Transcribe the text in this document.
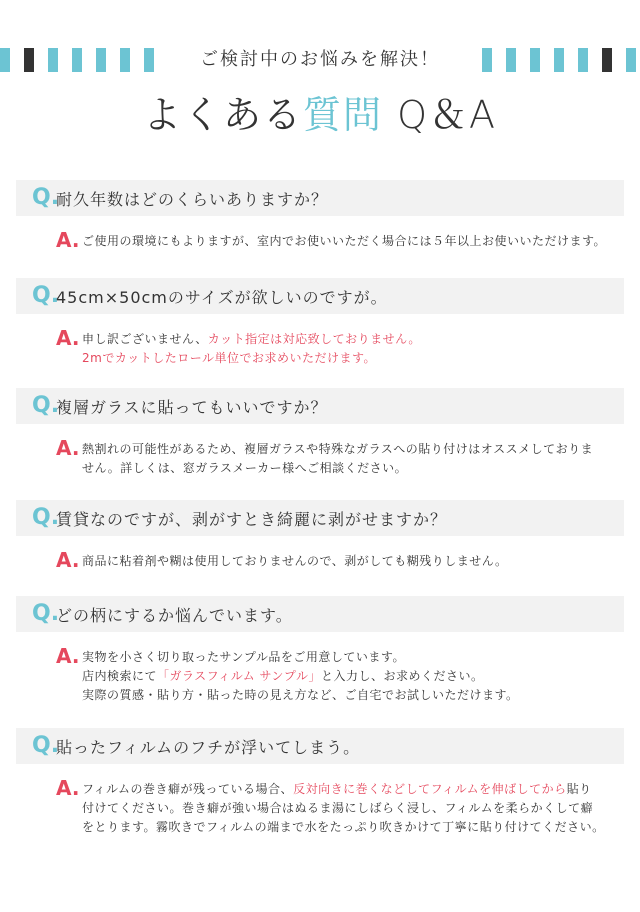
ご検討中のお悩みを解決！
よくある質問 Q＆A
Q.
耐久年数はどのくらいありますか？
A. ご使用の環境にもよりますが、室内でお使いいただく場合には５年以上お使いいただけます。
Q.
45cm×50cmのサイズが欲しいのですが。
A. 申し訳ございません、カット指定は対応致しておりません。
2mでカットしたロール単位でお求めいただけます。
Q.
複層ガラスに貼ってもいいですか？
A. 熱割れの可能性があるため、複層ガラスや特殊なガラスへの貼り付けはオススメしておりま
せん。詳しくは、窓ガラスメーカー様へご相談ください。
Q.
賃貸なのですが、剥がすとき綺麗に剥がせますか？
A. 商品に粘着剤や糊は使用しておりませんので、剥がしても糊残りしません。
Q.
どの柄にするか悩んでいます。
A. 実物を小さく切り取ったサンプル品をご用意しています。
店内検索にて「ガラスフィルム サンプル」と入力し、お求めください。
実際の質感・貼り方・貼った時の見え方など、ご自宅でお試しいただけます。
Q.
貼ったフィルムのフチが浮いてしまう。
A. フィルムの巻き癖が残っている場合、反対向きに巻くなどしてフィルムを伸ばしてから貼り
付けてください。巻き癖が強い場合はぬるま湯にしばらく浸し、フィルムを柔らかくして癖
をとります。霧吹きでフィルムの端まで水をたっぷり吹きかけて丁寧に貼り付けてください。
